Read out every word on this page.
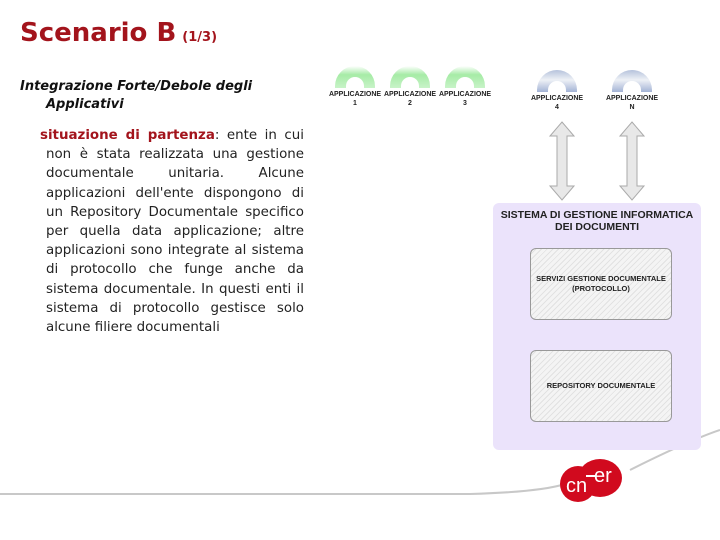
Scenario B (1/3)
Integrazione Forte/Debole degli
Applicativi
situazione di partenza: ente in cui non è stata realizzata una gestione documentale unitaria. Alcune applicazioni dell'ente dispongono di un Repository Documentale specifico per quella data applicazione; altre applicazioni sono integrate al sistema di protocollo che funge anche da sistema documentale. In questi enti il sistema di protocollo gestisce solo alcune filiere documentali
APPLICAZIONE
1
APPLICAZIONE
2
APPLICAZIONE
3
APPLICAZIONE
4
APPLICAZIONE
N
SISTEMA DI GESTIONE INFORMATICA DEI DOCUMENTI
SERVIZI GESTIONE DOCUMENTALE
(PROTOCOLLO)
REPOSITORY DOCUMENTALE
cn er
